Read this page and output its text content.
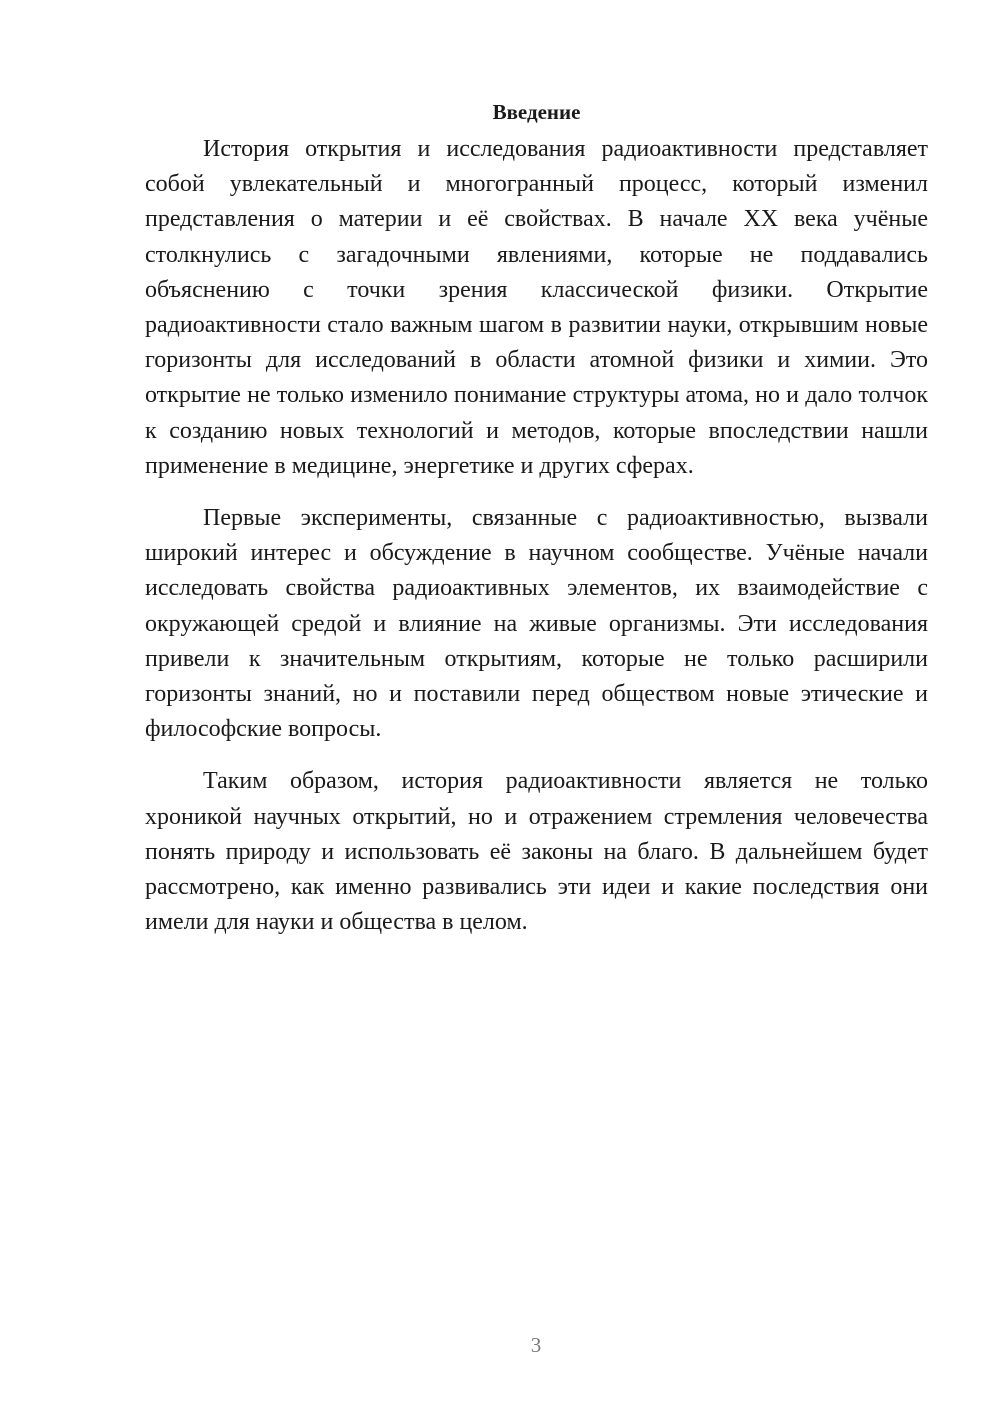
Введение

История открытия и исследования радиоактивности представляет собой увлекательный и многогранный процесс, который изменил представления о материи и её свойствах. В начале XX века учёные столкнулись с загадочными явлениями, которые не поддавались объяснению с точки зрения классической физики. Открытие радиоактивности стало важным шагом в развитии науки, открывшим новые горизонты для исследований в области атомной физики и химии. Это открытие не только изменило понимание структуры атома, но и дало толчок к созданию новых технологий и методов, которые впоследствии нашли применение в медицине, энергетике и других сферах.

Первые эксперименты, связанные с радиоактивностью, вызвали широкий интерес и обсуждение в научном сообществе. Учёные начали исследовать свойства радиоактивных элементов, их взаимодействие с окружающей средой и влияние на живые организмы. Эти исследования привели к значительным открытиям, которые не только расширили горизонты знаний, но и поставили перед обществом новые этические и философские вопросы.

Таким образом, история радиоактивности является не только хроникой научных открытий, но и отражением стремления человечества понять природу и использовать её законы на благо. В дальнейшем будет рассмотрено, как именно развивались эти идеи и какие последствия они имели для науки и общества в целом.

3
